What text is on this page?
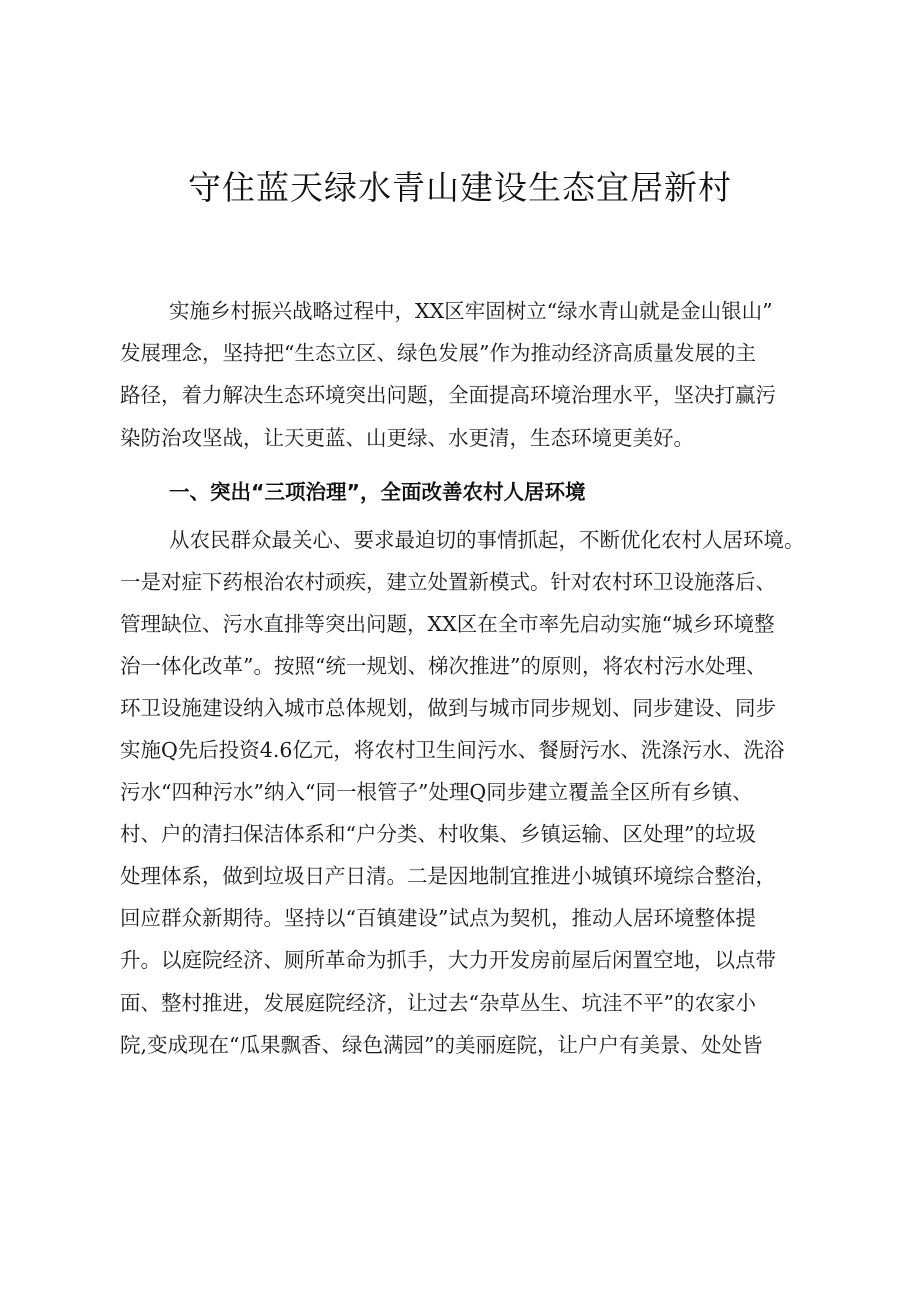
守住蓝天绿水青山建设生态宜居新村
实施乡村振兴战略过程中，XX区牢固树立“绿水青山就是金山银山”
发展理念，坚持把“生态立区、绿色发展”作为推动经济高质量发展的主
路径，着力解决生态环境突出问题，全面提高环境治理水平，坚决打赢污
染防治攻坚战，让天更蓝、山更绿、水更清，生态环境更美好。
一、突出“三项治理”，全面改善农村人居环境
从农民群众最关心、要求最迫切的事情抓起，不断优化农村人居环境。
一是对症下药根治农村顽疾，建立处置新模式。针对农村环卫设施落后、
管理缺位、污水直排等突出问题，XX区在全市率先启动实施“城乡环境整
治一体化改革”。按照“统一规划、梯次推进”的原则，将农村污水处理、
环卫设施建设纳入城市总体规划，做到与城市同步规划、同步建设、同步
实施Q先后投资4.6亿元，将农村卫生间污水、餐厨污水、洗涤污水、洗浴
污水“四种污水”纳入“同一根管子”处理Q同步建立覆盖全区所有乡镇、
村、户的清扫保洁体系和“户分类、村收集、乡镇运输、区处理”的垃圾
处理体系，做到垃圾日产日清。二是因地制宜推进小城镇环境综合整治，
回应群众新期待。坚持以“百镇建设”试点为契机，推动人居环境整体提
升。以庭院经济、厕所革命为抓手，大力开发房前屋后闲置空地，以点带
面、整村推进，发展庭院经济，让过去“杂草丛生、坑洼不平”的农家小
院,变成现在“瓜果飘香、绿色满园”的美丽庭院，让户户有美景、处处皆
